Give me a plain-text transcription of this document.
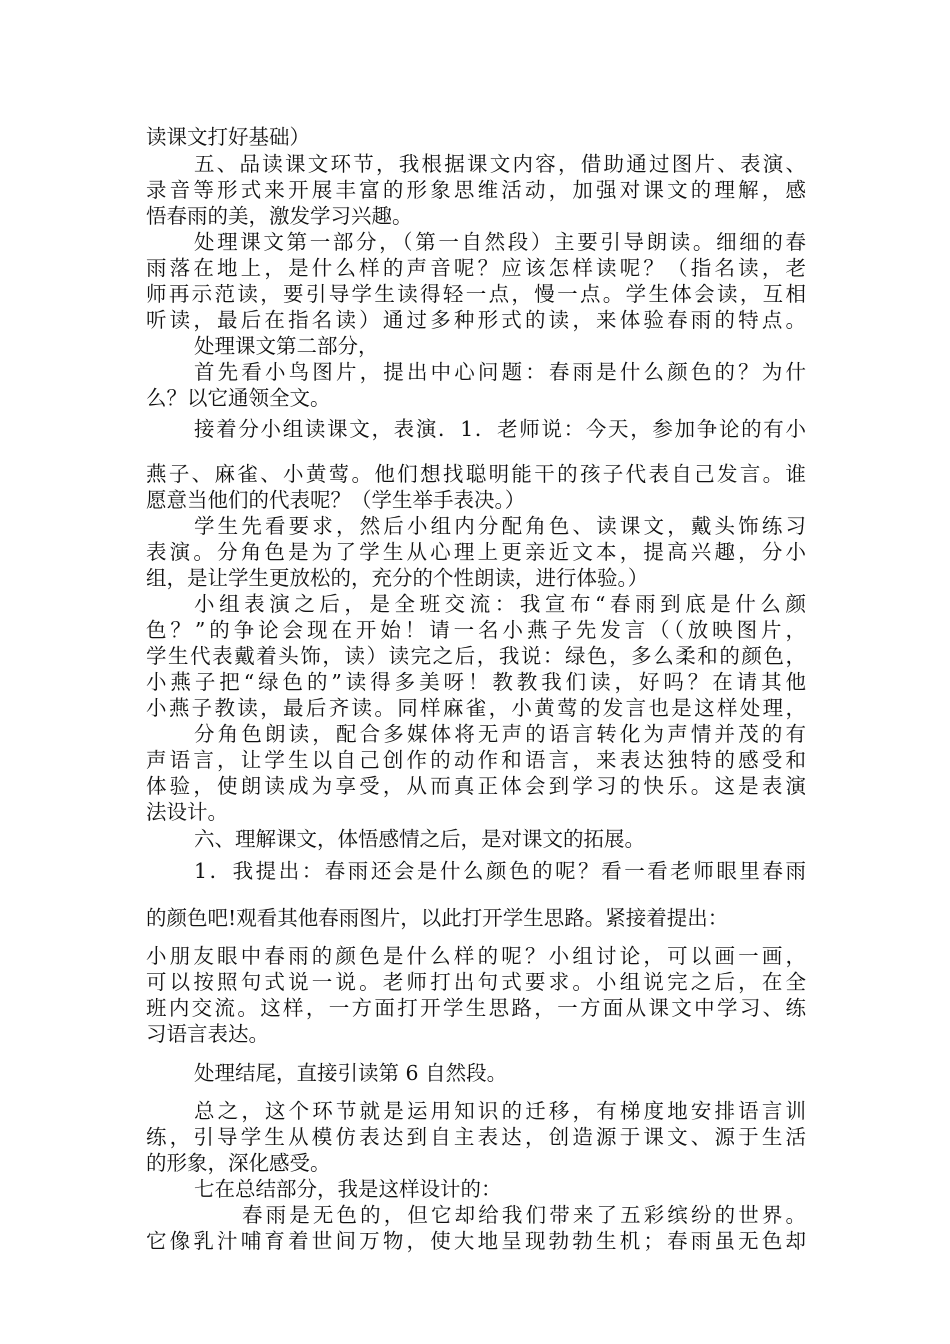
读课文打好基础）
五、品读课文环节，我根据课文内容，借助通过图片、表演、
录音等形式来开展丰富的形象思维活动，加强对课文的理解，感
悟春雨的美，激发学习兴趣。
处理课文第一部分，（第一自然段）主要引导朗读。细细的春
雨落在地上，是什么样的声音呢？应该怎样读呢？（指名读，老
师再示范读，要引导学生读得轻一点，慢一点。学生体会读，互相
听读，最后在指名读）通过多种形式的读，来体验春雨的特点。
处理课文第二部分，
首先看小鸟图片，提出中心问题：春雨是什么颜色的？为什
么？以它通领全文。
接着分小组读课文，表演．1．老师说：今天，参加争论的有小
燕子、麻雀、小黄莺。他们想找聪明能干的孩子代表自己发言。谁
愿意当他们的代表呢？（学生举手表决。）
学生先看要求，然后小组内分配角色、读课文，戴头饰练习
表演。分角色是为了学生从心理上更亲近文本，提高兴趣，分小
组，是让学生更放松的，充分的个性朗读，进行体验。）
小组表演之后，是全班交流：我宣布“春雨到底是什么颜
色？”的争论会现在开始！请一名小燕子先发言（（放映图片，
学生代表戴着头饰，读）读完之后，我说：绿色，多么柔和的颜色，
小燕子把“绿色的”读得多美呀！教教我们读，好吗？在请其他
小燕子教读，最后齐读。同样麻雀，小黄莺的发言也是这样处理，
分角色朗读，配合多媒体将无声的语言转化为声情并茂的有
声语言，让学生以自己创作的动作和语言，来表达独特的感受和
体验，使朗读成为享受，从而真正体会到学习的快乐。这是表演
法设计。
六、理解课文，体悟感情之后，是对课文的拓展。
1．我提出：春雨还会是什么颜色的呢？看一看老师眼里春雨
的颜色吧!观看其他春雨图片，以此打开学生思路。紧接着提出：
小朋友眼中春雨的颜色是什么样的呢？小组讨论，可以画一画，
可以按照句式说一说。老师打出句式要求。小组说完之后，在全
班内交流。这样，一方面打开学生思路，一方面从课文中学习、练
习语言表达。
处理结尾，直接引读第 6 自然段。
总之，这个环节就是运用知识的迁移，有梯度地安排语言训
练，引导学生从模仿表达到自主表达，创造源于课文、源于生活
的形象，深化感受。
七在总结部分，我是这样设计的：
春雨是无色的，但它却给我们带来了五彩缤纷的世界。
它像乳汁哺育着世间万物，使大地呈现勃勃生机；春雨虽无色却
